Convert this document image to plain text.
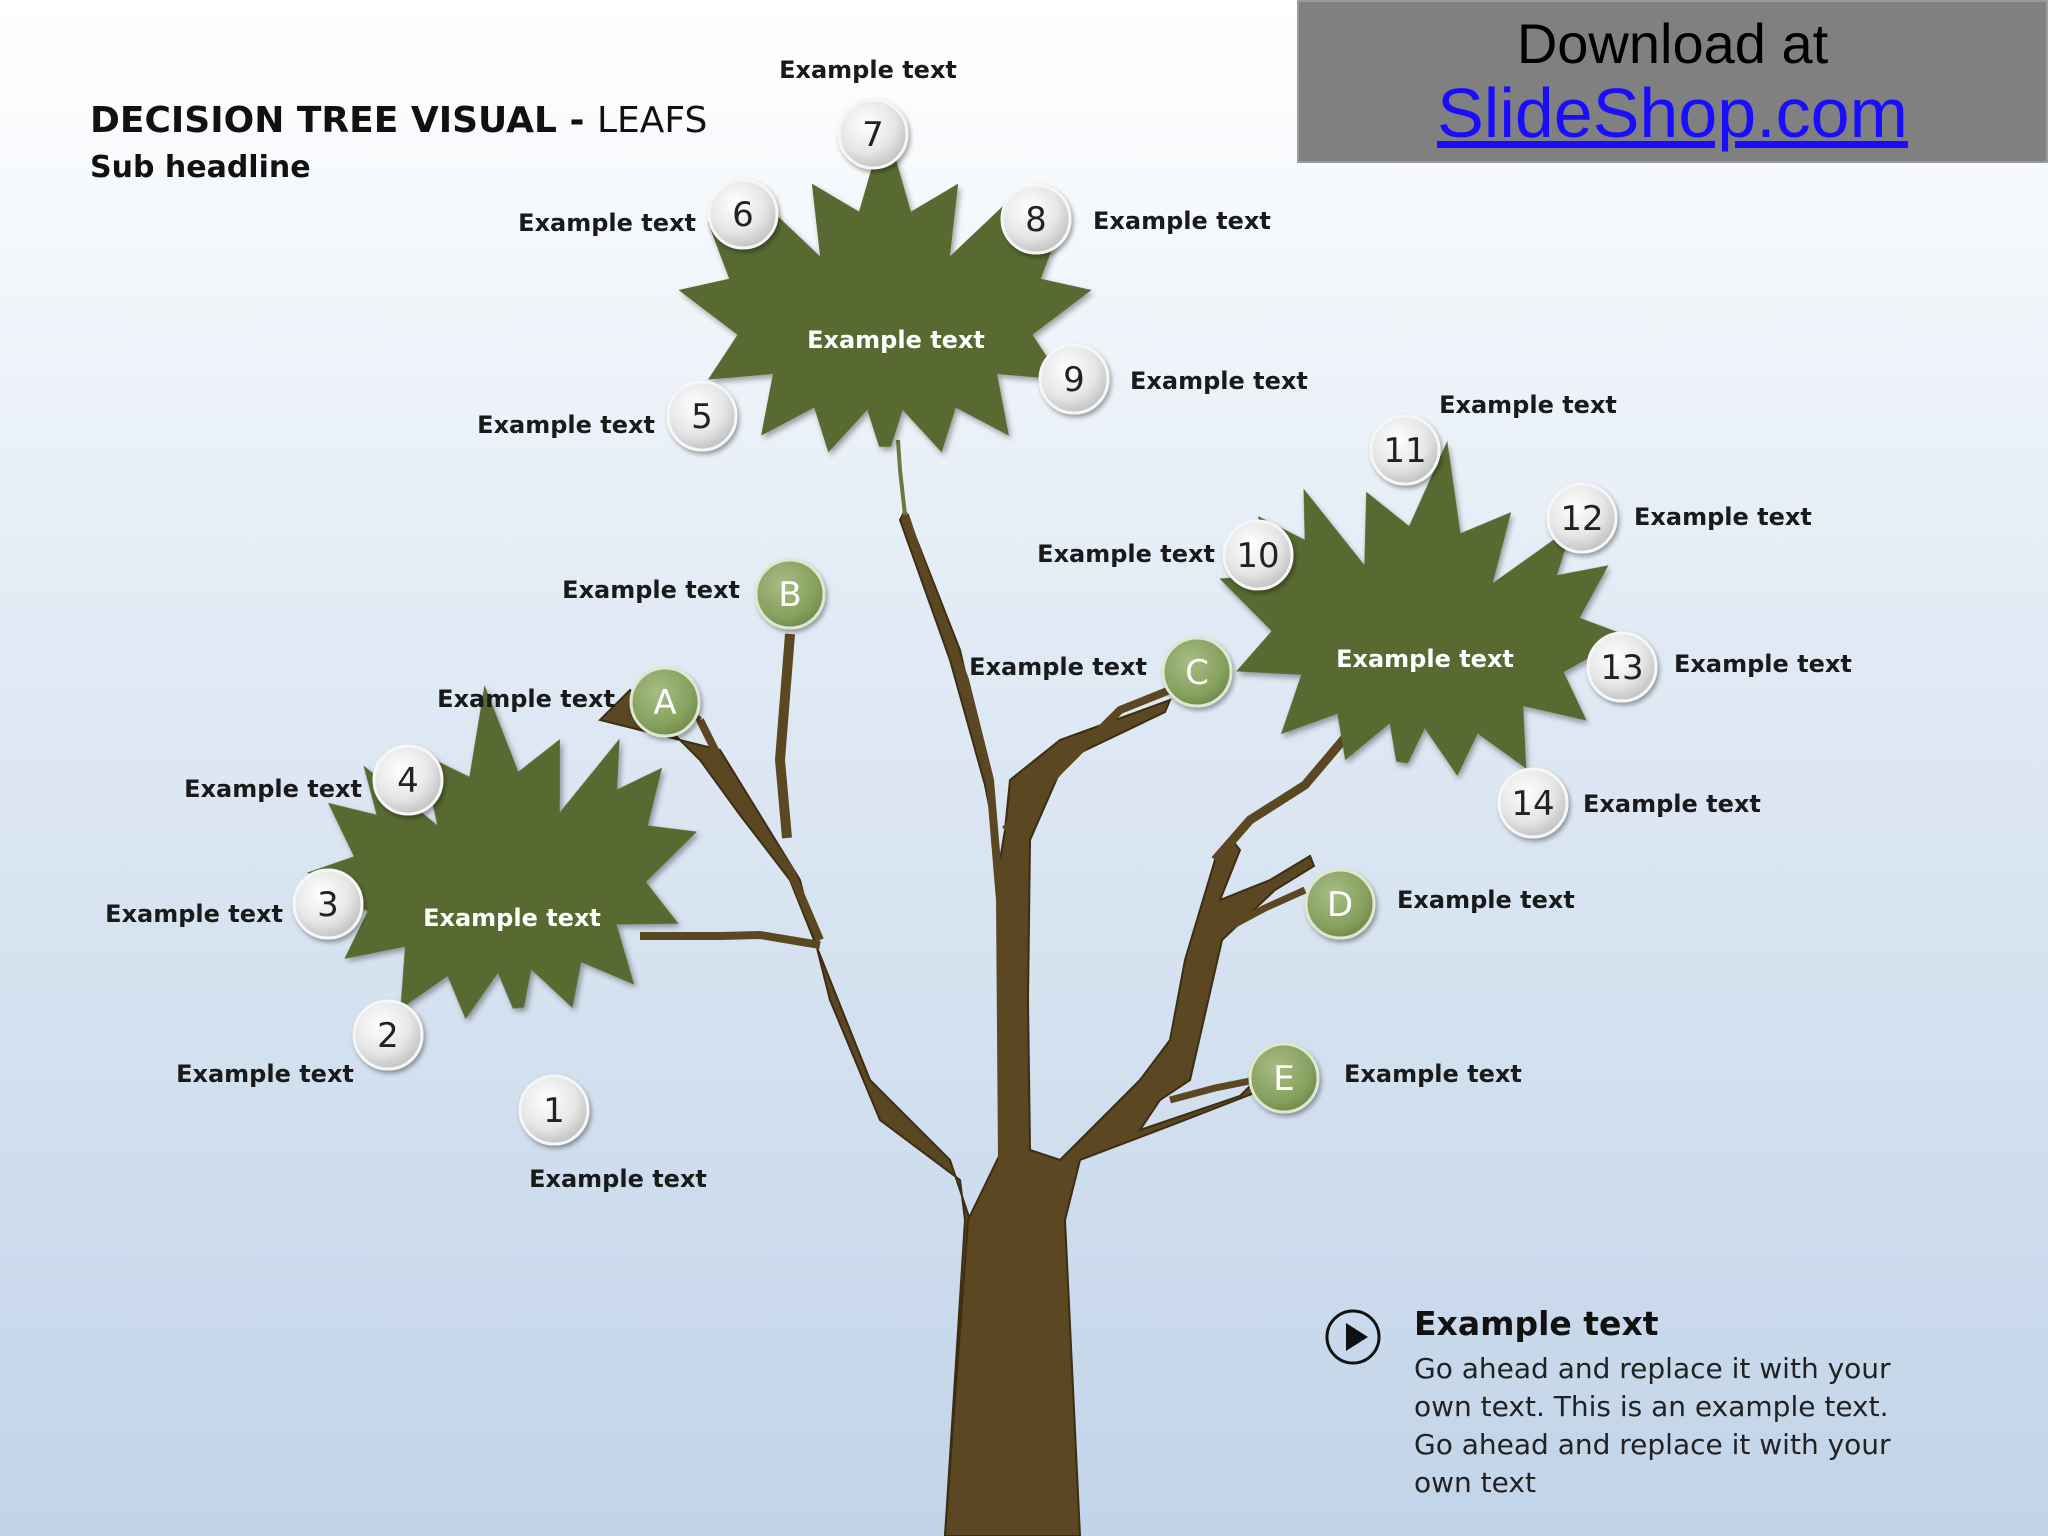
Example text
Example text
Example text
1
Example text
2
Example text
3
Example text
4
Example text
5
Example text
6
Example text
7
Example text
8 Example text
9 Example text
10
Example text
11
Example text
12 Example text
13 Example text
14 Example text
A
Example text
B
Example text
C
Example text
D Example text
E Example text
DECISION TREE VISUAL - LEAFS
Sub headline
Download at
SlideShop.com
Example text
Go ahead and replace it with your own text. This is an example text. Go ahead and replace it with your own text
